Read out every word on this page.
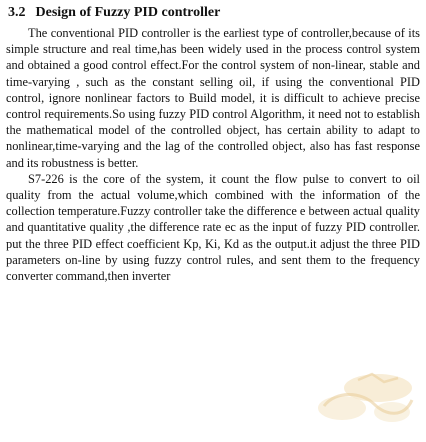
3.2 Design of Fuzzy PID controller

The conventional PID controller is the earliest type of controller,because of its simple structure and real time,has been widely used in the process control system and obtained a good control effect.For the control system of non-linear, stable and time-varying , such as the constant selling oil, if using the conventional PID control, ignore nonlinear factors to Build model, it is difficult to achieve precise control requirements.So using fuzzy PID control Algorithm, it need not to establish the mathematical model of the controlled object, has certain ability to adapt to nonlinear,time-varying and the lag of the controlled object, also has fast response and its robustness is better.

S7-226 is the core of the system, it count the flow pulse to convert to oil quality from the actual volume,which combined with the information of the collection temperature.Fuzzy controller take the difference e between actual quality and quantitative quality ,the difference rate ec as the input of fuzzy PID controller. put the three PID effect coefficient Kp, Ki, Kd as the output.it adjust the three PID parameters on-line by using fuzzy control rules, and sent them to the frequency converter command,then inverter
